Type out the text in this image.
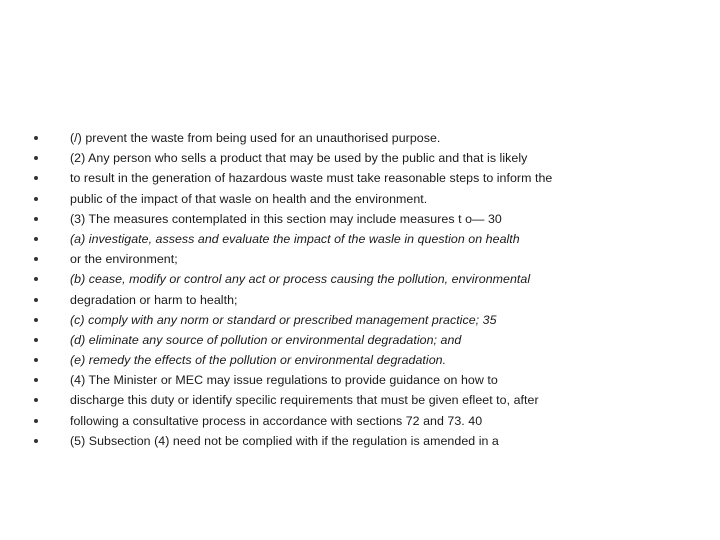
(/) prevent the waste from being used for an unauthorised purpose.
(2) Any person who sells a product that may be used by the public and that is likely
to result in the generation of hazardous waste must take reasonable steps to inform the
public of the impact of that wasle on health and the environment.
(3) The measures contemplated in this section may include measures t o— 30
(a) investigate, assess and evaluate the impact of the wasle in question on health
or the environment;
(b) cease, modify or control any act or process causing the pollution, environmental
degradation or harm to health;
(c) comply with any norm or standard or prescribed management practice; 35
(d) eliminate any source of pollution or environmental degradation; and
(e) remedy the effects of the pollution or environmental degradation.
(4) The Minister or MEC may issue regulations to provide guidance on how to
discharge this duty or identify specilic requirements that must be given efleet to, after
following a consultative process in accordance with sections 72 and 73. 40
(5) Subsection (4) need not be complied with if the regulation is amended in a
